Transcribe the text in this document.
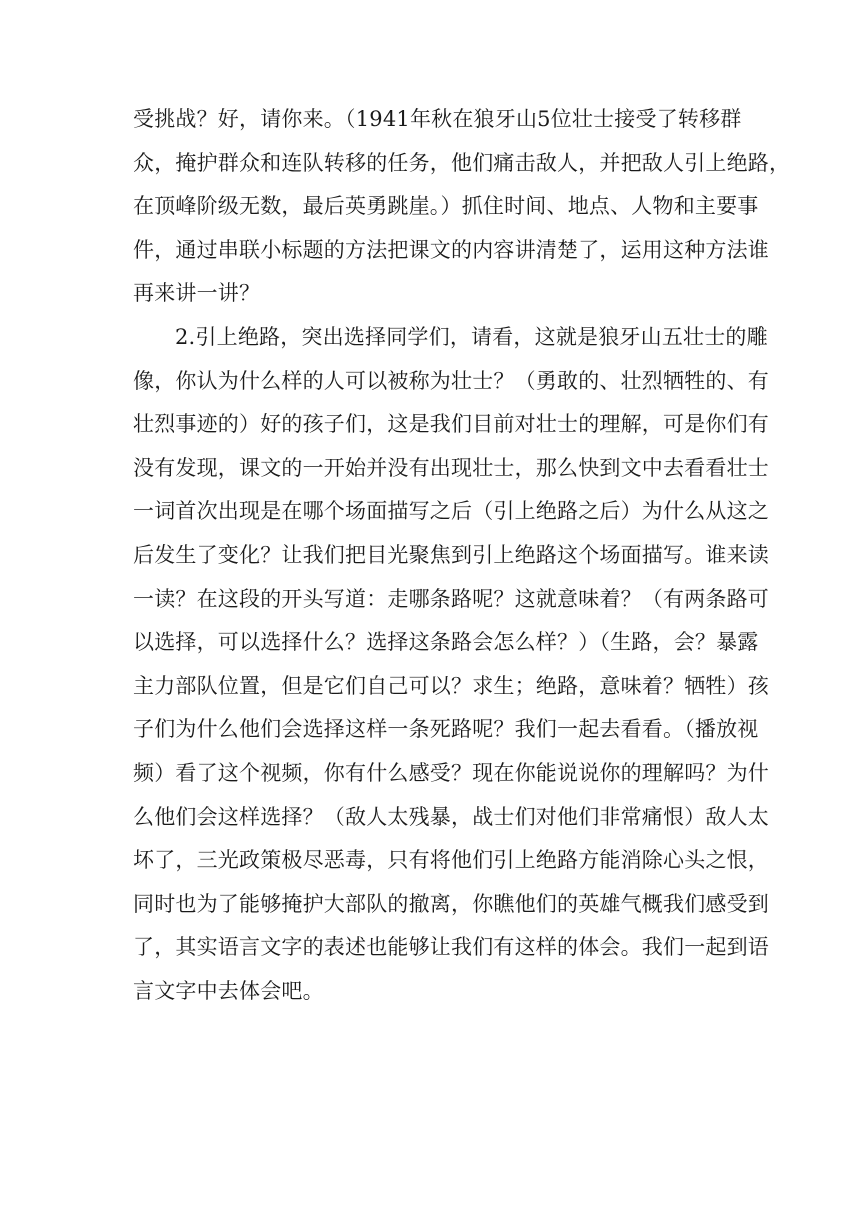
受挑战？好，请你来。（1941年秋在狼牙山5位壮士接受了转移群
众，掩护群众和连队转移的任务，他们痛击敌人，并把敌人引上绝路，
在顶峰阶级无数，最后英勇跳崖。）抓住时间、地点、人物和主要事
件，通过串联小标题的方法把课文的内容讲清楚了，运用这种方法谁
再来讲一讲？
2.引上绝路，突出选择同学们，请看，这就是狼牙山五壮士的雕
像，你认为什么样的人可以被称为壮士？（勇敢的、壮烈牺牲的、有
壮烈事迹的）好的孩子们，这是我们目前对壮士的理解，可是你们有
没有发现，课文的一开始并没有出现壮士，那么快到文中去看看壮士
一词首次出现是在哪个场面描写之后（引上绝路之后）为什么从这之
后发生了变化？让我们把目光聚焦到引上绝路这个场面描写。谁来读
一读？在这段的开头写道：走哪条路呢？这就意味着？（有两条路可
以选择，可以选择什么？选择这条路会怎么样？）（生路，会？暴露
主力部队位置，但是它们自己可以？求生；绝路，意味着？牺牲）孩
子们为什么他们会选择这样一条死路呢？我们一起去看看。（播放视
频）看了这个视频，你有什么感受？现在你能说说你的理解吗？为什
么他们会这样选择？（敌人太残暴，战士们对他们非常痛恨）敌人太
坏了，三光政策极尽恶毒，只有将他们引上绝路方能消除心头之恨，
同时也为了能够掩护大部队的撤离，你瞧他们的英雄气概我们感受到
了，其实语言文字的表述也能够让我们有这样的体会。我们一起到语
言文字中去体会吧。
